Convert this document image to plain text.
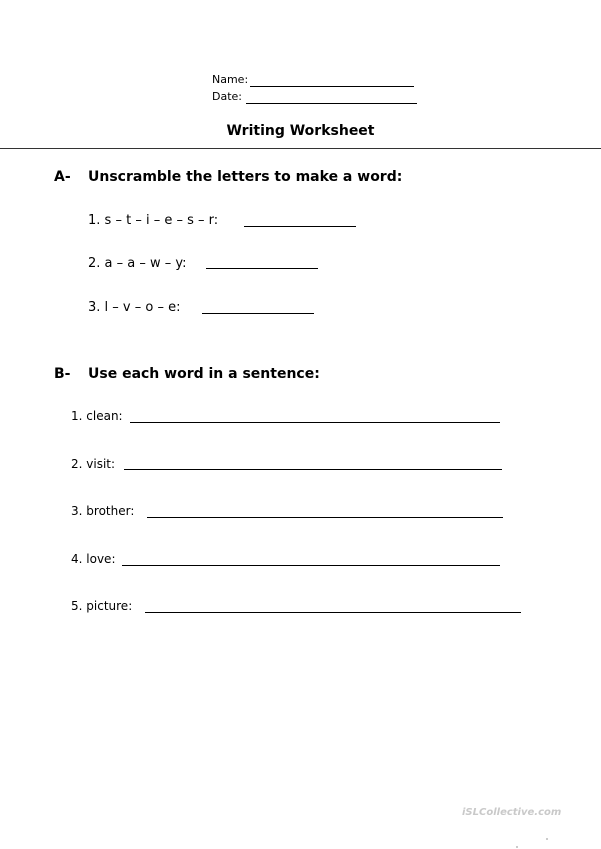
Name:
Date:
Writing Worksheet
A- Unscramble the letters to make a word:
1. s – t – i – e – s – r:
2. a – a – w – y:
3. l – v – o – e:
B- Use each word in a sentence:
1. clean:
2. visit:
3. brother:
4. love:
5. picture:
iSLCollective.com
